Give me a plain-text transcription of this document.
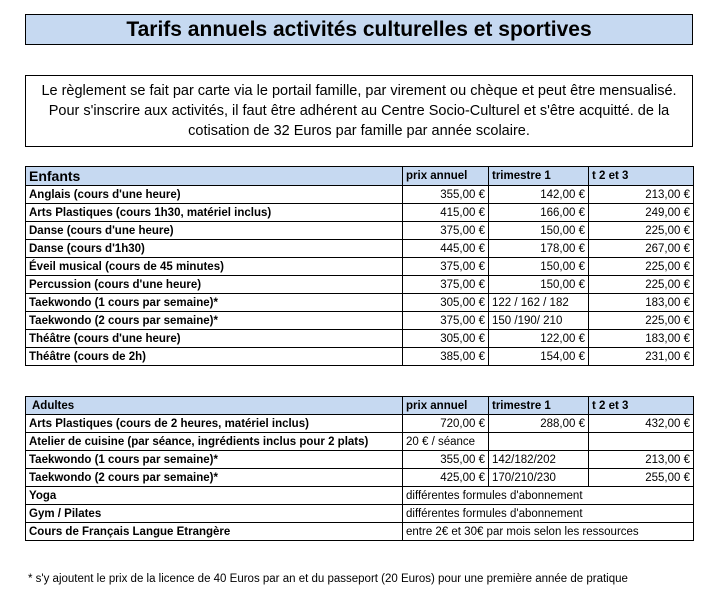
Tarifs annuels activités culturelles et sportives
Le règlement se fait par carte via le portail famille, par virement ou chèque et peut être mensualisé. Pour s'inscrire aux activités, il faut être adhérent au Centre Socio-Culturel et s'être acquitté. de la cotisation de 32 Euros par famille par année scolaire.
Enfants	prix annuel	trimestre 1	t 2 et 3
Anglais (cours d'une heure)	355,00 €	142,00 €	213,00 €
Arts Plastiques (cours 1h30, matériel inclus)	415,00 €	166,00 €	249,00 €
Danse (cours d'une heure)	375,00 €	150,00 €	225,00 €
Danse (cours d'1h30)	445,00 €	178,00 €	267,00 €
Éveil musical (cours de 45 minutes)	375,00 €	150,00 €	225,00 €
Percussion (cours d'une heure)	375,00 €	150,00 €	225,00 €
Taekwondo (1 cours par semaine)*	305,00 €	122 / 162 / 182	183,00 €
Taekwondo (2 cours par semaine)*	375,00 €	150 /190/ 210	225,00 €
Théâtre (cours d'une heure)	305,00 €	122,00 €	183,00 €
Théâtre (cours de 2h)	385,00 €	154,00 €	231,00 €
Adultes	prix annuel	trimestre 1	t 2 et 3
Arts Plastiques (cours de 2 heures, matériel inclus)	720,00 €	288,00 €	432,00 €
Atelier de cuisine (par séance, ingrédients inclus pour 2 plats)	20 € / séance		
Taekwondo (1 cours par semaine)*	355,00 €	142/182/202	213,00 €
Taekwondo (2 cours par semaine)*	425,00 €	170/210/230	255,00 €
Yoga	différentes formules d'abonnement		
Gym / Pilates	différentes formules d'abonnement		
Cours de Français Langue Etrangère	entre 2€ et 30€ par mois selon les ressources		
* s'y ajoutent le prix de la licence de 40 Euros par an et du passeport (20 Euros) pour une première année de pratique
